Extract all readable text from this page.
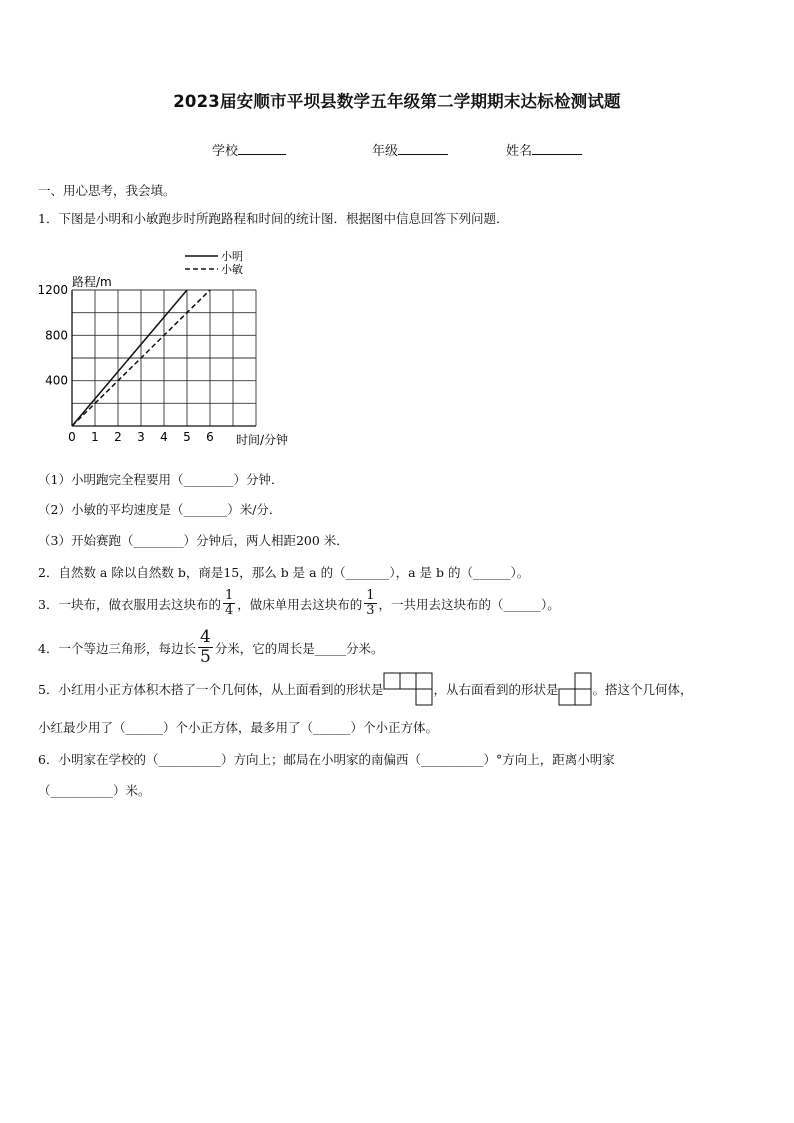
2023届安顺市平坝县数学五年级第二学期期末达标检测试题
学校	年级	姓名
一、用心思考，我会填。
1．下图是小明和小敏跑步时所跑路程和时间的统计图．根据图中信息回答下列问题．
0 1 2 3 4 5 6
400
800
1200
小明
小敏
路程/m
时间/分钟
（1）小明跑完全程要用（________）分钟．
（2）小敏的平均速度是（_______）米/分．
（3）开始赛跑（________）分钟后，两人相距200 米．
2．自然数 a 除以自然数 b，商是15，那么 b 是 a 的（_______），a 是 b 的（______）。
3．一块布，做衣服用去这块布的 $\frac{1}{4}$ ，做床单用去这块布的 $\frac{1}{3}$ ，一共用去这块布的（______）。
4．一个等边三角形，每边长 $\frac{4}{5}$ 分米，它的周长是_____分米。
5．小红用小正方体积木搭了一个几何体，从上面看到的形状是	，从右面看到的形状是	。搭这个几何体，
小红最少用了（______）个小正方体，最多用了（______）个小正方体。
6．小明家在学校的（__________）方向上；邮局在小明家的南偏西（__________）°方向上，距离小明家
（__________）米。
